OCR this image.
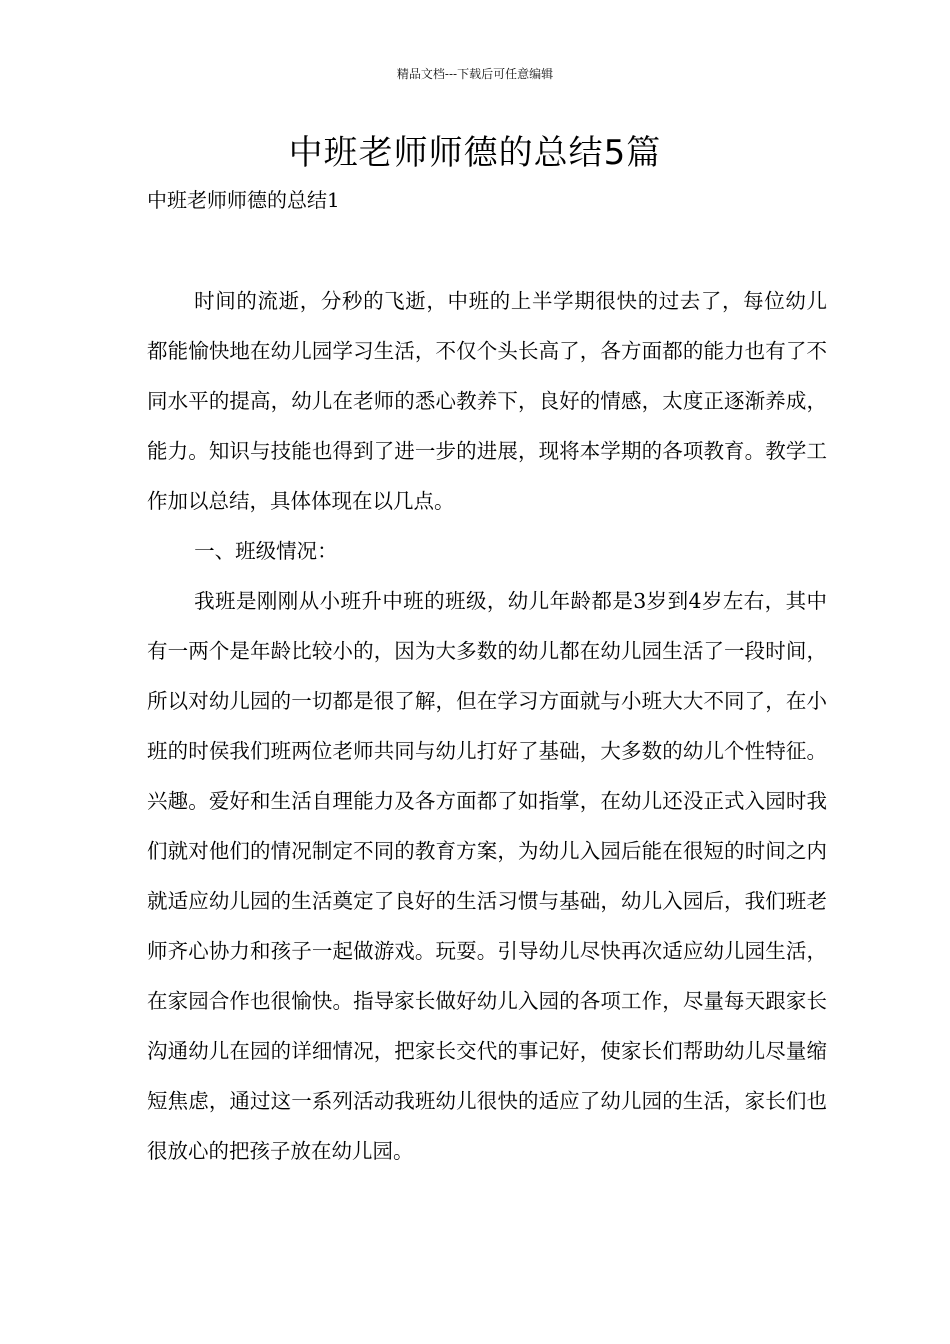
精品文档---下载后可任意编辑
中班老师师德的总结5篇
中班老师师德的总结1

时间的流逝，分秒的飞逝，中班的上半学期很快的过去了，每位幼儿都能愉快地在幼儿园学习生活，不仅个头长高了，各方面都的能力也有了不同水平的提高，幼儿在老师的悉心教养下，良好的情感，太度正逐渐养成，能力。知识与技能也得到了进一步的进展，现将本学期的各项教育。教学工作加以总结，具体体现在以几点。

一、班级情况：

我班是刚刚从小班升中班的班级，幼儿年龄都是3岁到4岁左右，其中有一两个是年龄比较小的，因为大多数的幼儿都在幼儿园生活了一段时间，所以对幼儿园的一切都是很了解，但在学习方面就与小班大大不同了，在小班的时侯我们班两位老师共同与幼儿打好了基础，大多数的幼儿个性特征。兴趣。爱好和生活自理能力及各方面都了如指掌，在幼儿还没正式入园时我们就对他们的情况制定不同的教育方案，为幼儿入园后能在很短的时间之内就适应幼儿园的生活奠定了良好的生活习惯与基础，幼儿入园后，我们班老师齐心协力和孩子一起做游戏。玩耍。引导幼儿尽快再次适应幼儿园生活，在家园合作也很愉快。指导家长做好幼儿入园的各项工作，尽量每天跟家长沟通幼儿在园的详细情况，把家长交代的事记好，使家长们帮助幼儿尽量缩短焦虑，通过这一系列活动我班幼儿很快的适应了幼儿园的生活，家长们也很放心的把孩子放在幼儿园。
